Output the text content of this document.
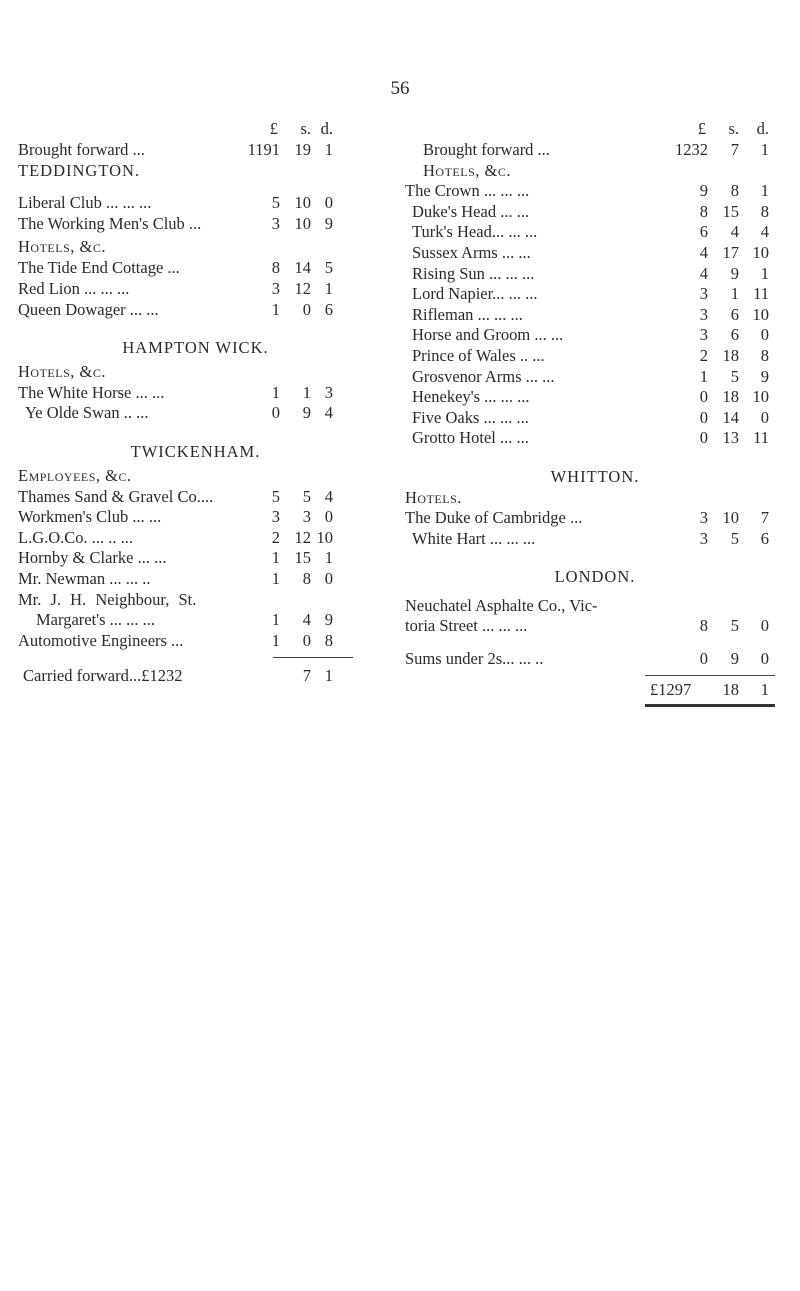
56
£	s. d.
Brought forward ...	1191 19 1
TEDDINGTON.
Liberal Club ... ... ...	5 10 0
The Working Men's Club ...	3 10 9
Hotels, &c.
The Tide End Cottage ...	8 14 5
Red Lion ... ... ...	3 12 1
Queen Dowager ... ...	1	0 6
HAMPTON WICK.
Hotels, &c.
The White Horse ... ...	1	1 3
Ye Olde Swan .. ...	0	9 4
TWICKENHAM.
Employees, &c.
Thames Sand & Gravel Co....	5	5 4
Workmen's Club ... ...	3	3 0
L.G.O.Co. ... .. ...	2 12 10
Hornby & Clarke ... ...	1 15 1
Mr. Newman ... ... ..	1	8 0
Mr. J. H. Neighbour, St.
Margaret's ... ... ...	1	4 9
Automotive Engineers ...	1	0 8
Carried forward...£1232	7 1
£	s.	d.
Brought forward ...	1232	7	1
Hotels, &c.
The Crown ... ... ...	9	8	1
Duke's Head ... ...	8 15	8
Turk's Head... ... ...	6	4	4
Sussex Arms ... ...	4 17 10
Rising Sun ... ... ...	4	9	1
Lord Napier... ... ...	3	1 11
Rifleman ... ... ...	3	6 10
Horse and Groom ... ...	3	6	0
Prince of Wales .. ...	2 18	8
Grosvenor Arms ... ...	1	5	9
Henekey's ... ... ...	0 18 10
Five Oaks ... ... ...	0 14	0
Grotto Hotel ... ...	0 13 11
WHITTON.
Hotels.
The Duke of Cambridge ...	3 10	7
White Hart ... ... ...	3	5	6
LONDON.
Neuchatel Asphalte Co., Vic-
toria Street ... ... ...	8	5	0
Sums under 2s... ... ..	0	9	0
£1297	18	1
